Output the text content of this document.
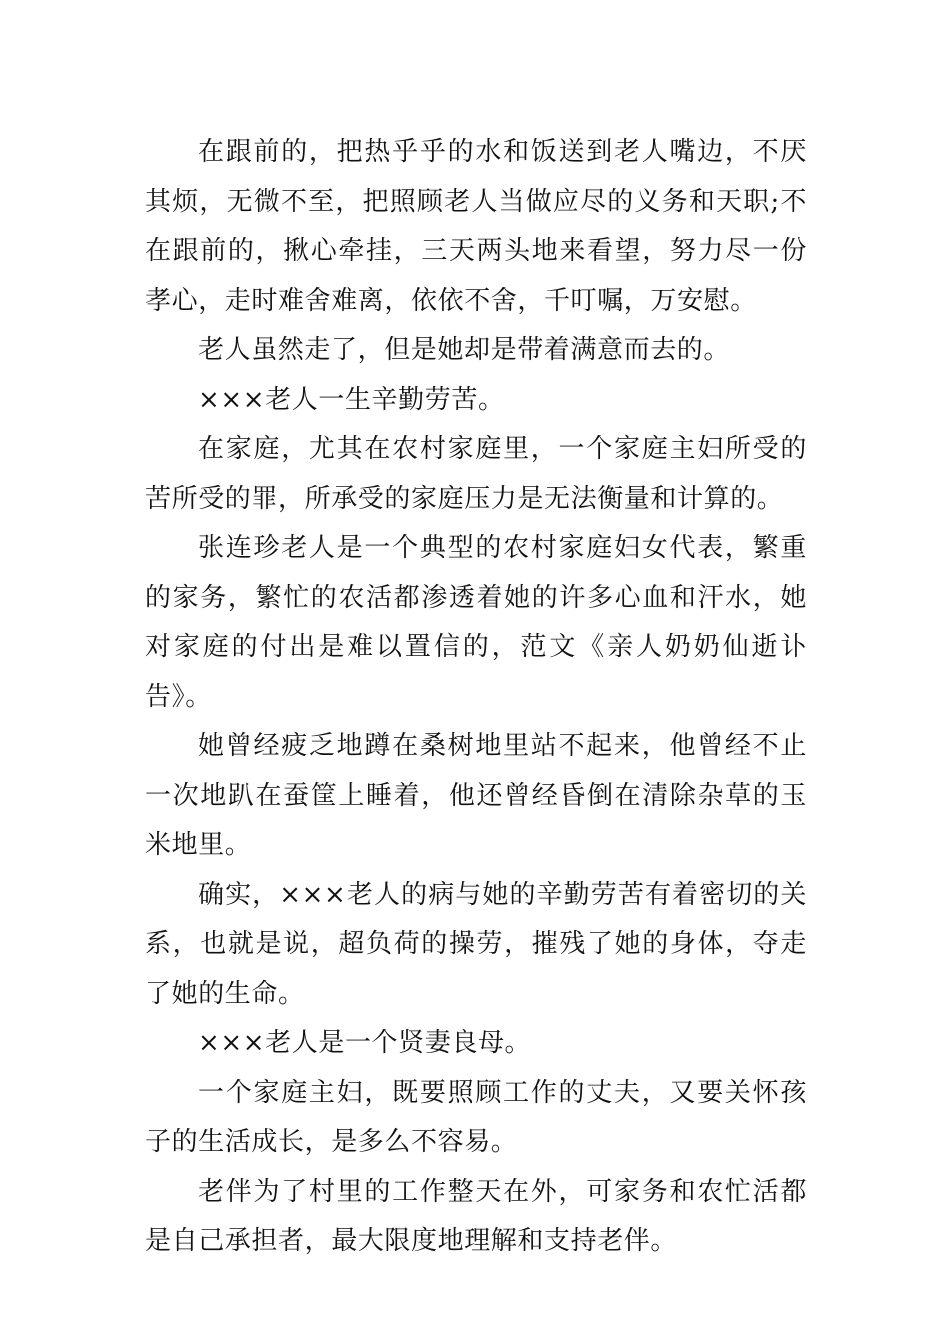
在跟前的，把热乎乎的水和饭送到老人嘴边，不厌其烦，无微不至，把照顾老人当做应尽的义务和天职;不在跟前的，揪心牵挂，三天两头地来看望，努力尽一份孝心，走时难舍难离，依依不舍，千叮嘱，万安慰。

老人虽然走了，但是她却是带着满意而去的。

×××老人一生辛勤劳苦。

在家庭，尤其在农村家庭里，一个家庭主妇所受的苦所受的罪，所承受的家庭压力是无法衡量和计算的。

张连珍老人是一个典型的农村家庭妇女代表，繁重的家务，繁忙的农活都渗透着她的许多心血和汗水，她对家庭的付出是难以置信的，范文《亲人奶奶仙逝讣告》。

她曾经疲乏地蹲在桑树地里站不起来，他曾经不止一次地趴在蚕筐上睡着，他还曾经昏倒在清除杂草的玉米地里。

确实，×××老人的病与她的辛勤劳苦有着密切的关系，也就是说，超负荷的操劳，摧残了她的身体，夺走了她的生命。

×××老人是一个贤妻良母。

一个家庭主妇，既要照顾工作的丈夫，又要关怀孩子的生活成长，是多么不容易。

老伴为了村里的工作整天在外，可家务和农忙活都是自己承担者，最大限度地理解和支持老伴。
